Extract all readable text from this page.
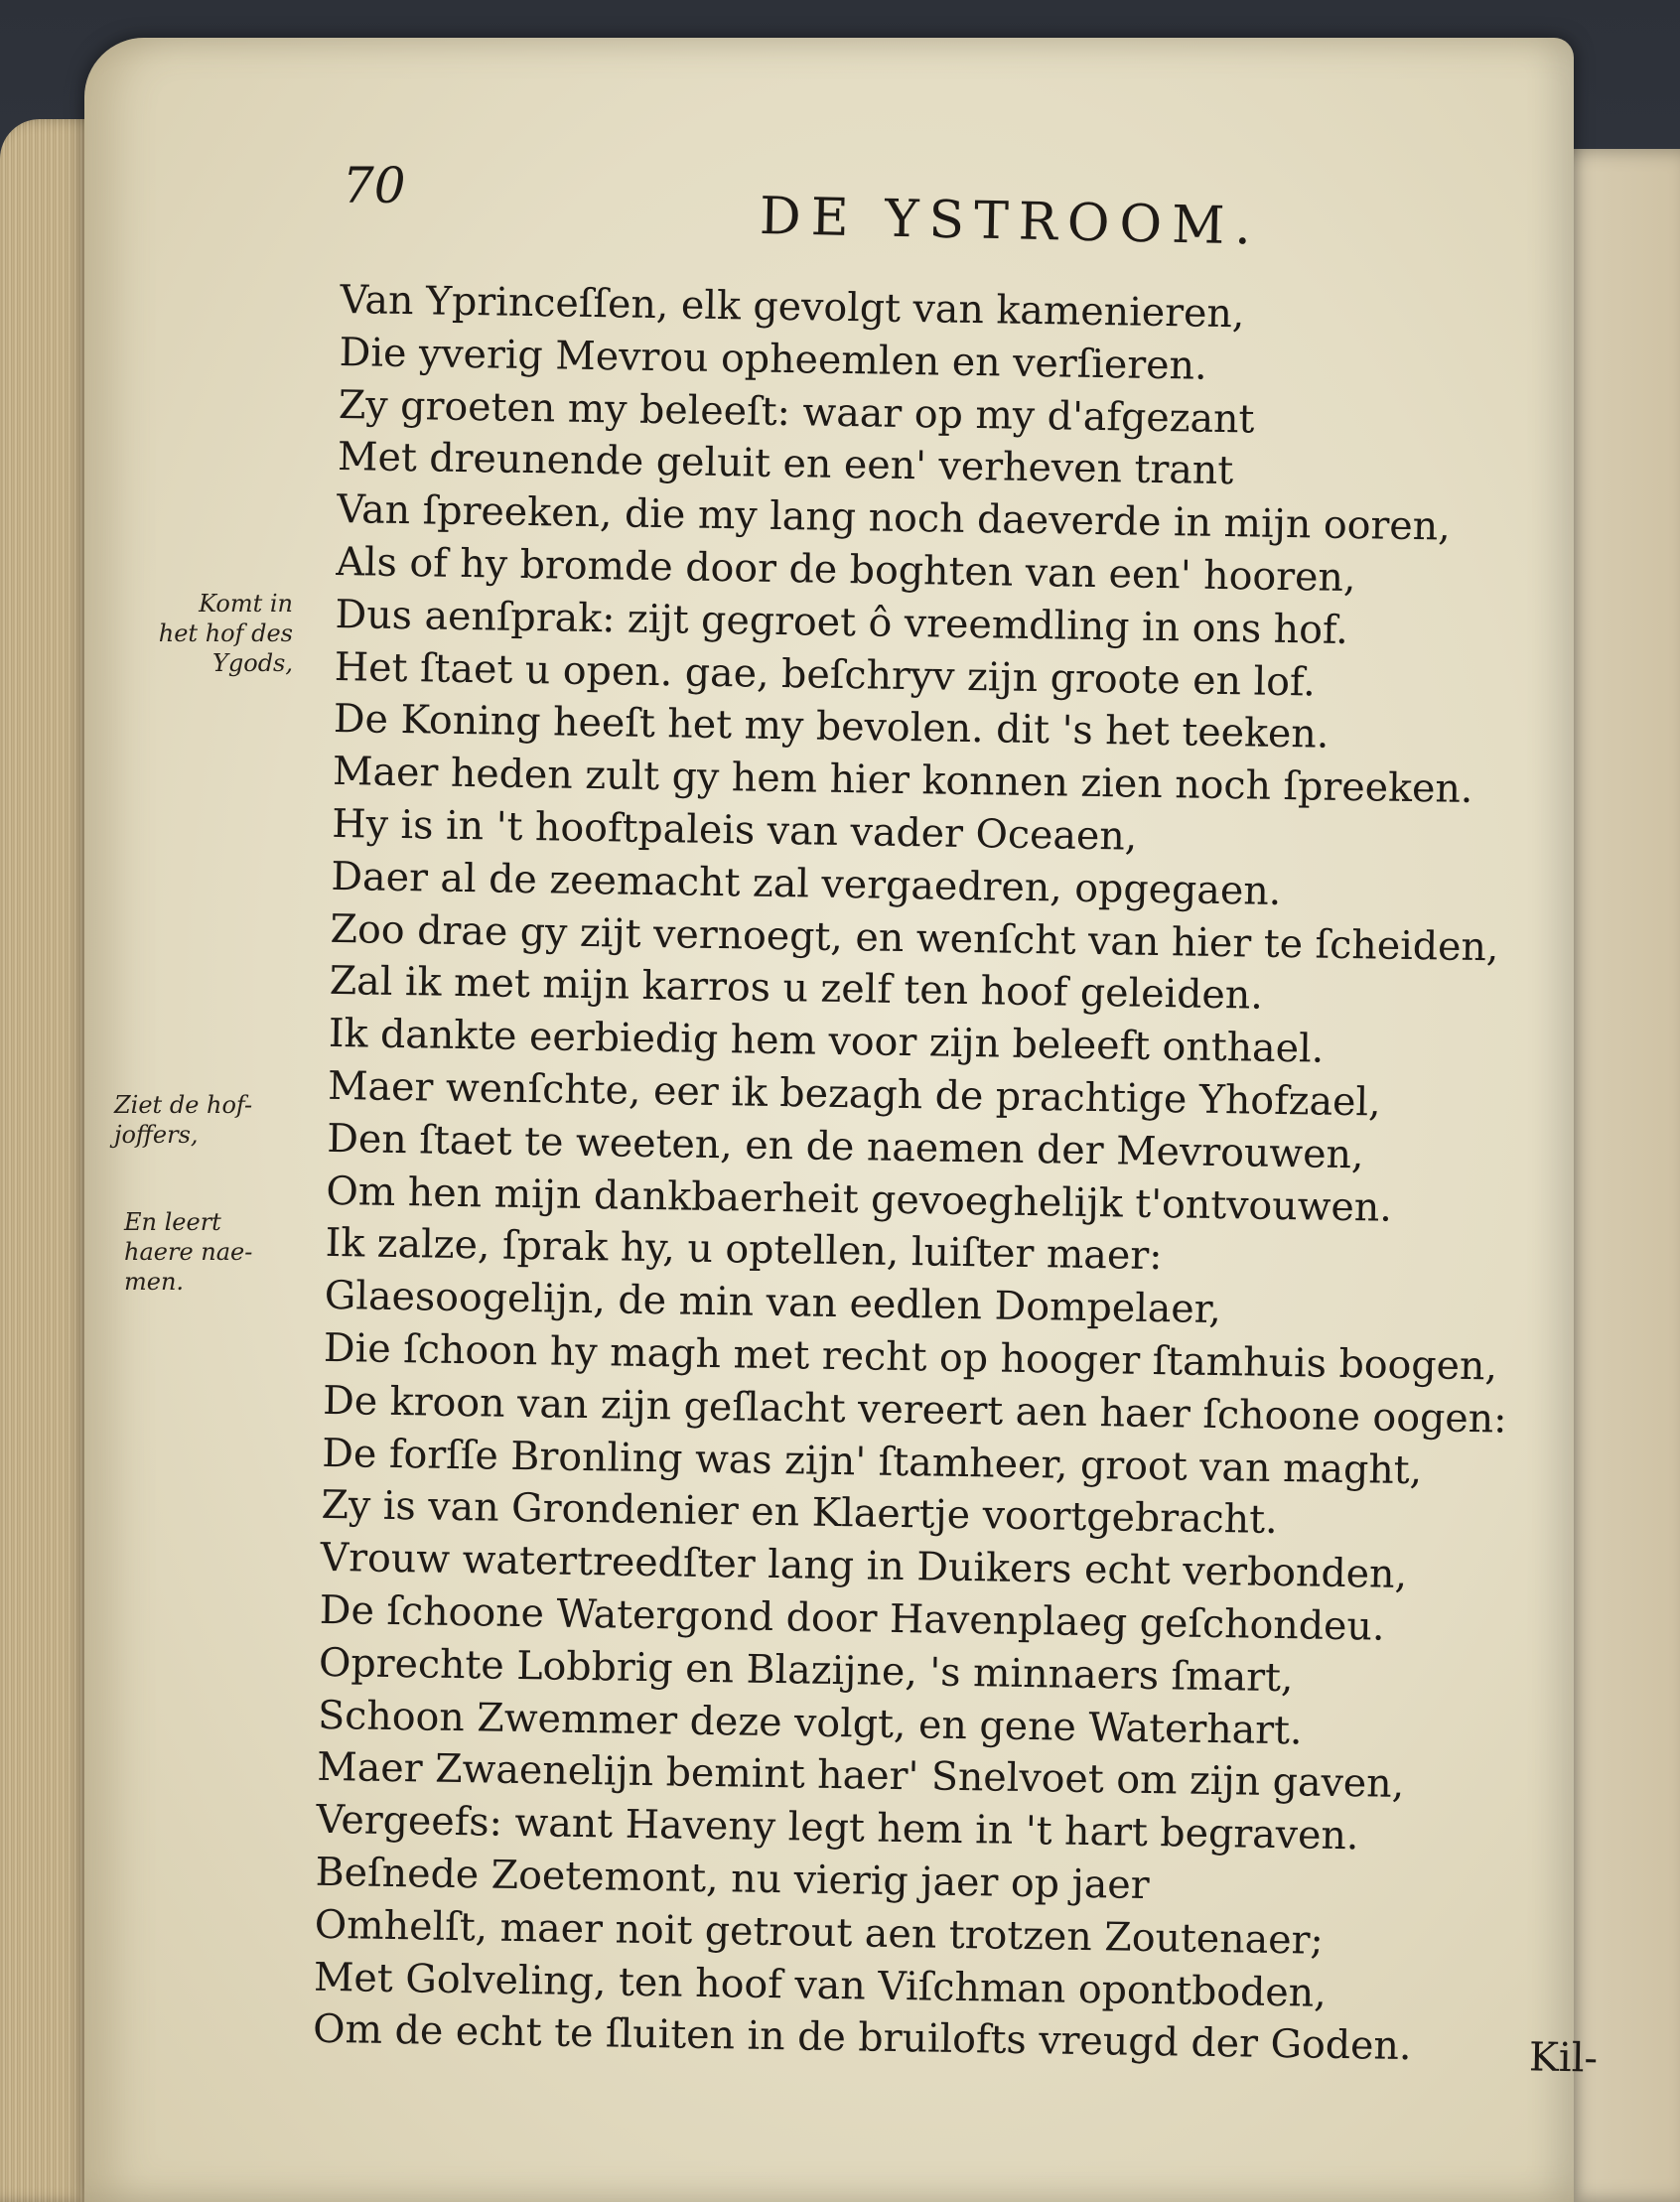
70
DE YSTROOM.
Van Yprinceſſen, elk gevolgt van kamenieren,
Die yverig Mevrou opheemlen en verſieren.
Zy groeten my beleeſt: waar op my d'afgezant
Met dreunende geluit en een' verheven trant
Van ſpreeken, die my lang noch daeverde in mijn ooren,
Als of hy bromde door de boghten van een' hooren,
Dus aenſprak: zijt gegroet ô vreemdling in ons hof.
Het ſtaet u open. gae, beſchryv zijn groote en lof.
De Koning heeſt het my bevolen. dit 's het teeken.
Maer heden zult gy hem hier konnen zien noch ſpreeken.
Hy is in 't hooftpaleis van vader Oceaen,
Daer al de zeemacht zal vergaedren, opgegaen.
Zoo drae gy zijt vernoegt, en wenſcht van hier te ſcheiden,
Zal ik met mijn karros u zelf ten hoof geleiden.
Ik dankte eerbiedig hem voor zijn beleeft onthael.
Maer wenſchte, eer ik bezagh de prachtige Yhofzael,
Den ſtaet te weeten, en de naemen der Mevrouwen,
Om hen mijn dankbaerheit gevoeghelijk t'ontvouwen.
Ik zalze, ſprak hy, u optellen, luiſter maer:
Glaesoogelijn, de min van eedlen Dompelaer,
Die ſchoon hy magh met recht op hooger ſtamhuis boogen,
De kroon van zijn geſlacht vereert aen haer ſchoone oogen:
De forſſe Bronling was zijn' ſtamheer, groot van maght,
Zy is van Grondenier en Klaertje voortgebracht.
Vrouw watertreedſter lang in Duikers echt verbonden,
De ſchoone Watergond door Havenplaeg geſchondeu.
Oprechte Lobbrig en Blazijne, 's minnaers ſmart,
Schoon Zwemmer deze volgt, en gene Waterhart.
Maer Zwaenelijn bemint haer' Snelvoet om zijn gaven,
Vergeefs: want Haveny legt hem in 't hart begraven.
Beſnede Zoetemont, nu vierig jaer op jaer
Omhelſt, maer noit getrout aen trotzen Zoutenaer;
Met Golveling, ten hoof van Viſchman opontboden,
Om de echt te ſluiten in de bruilofts vreugd der Goden.
Komt in
het hof des
Ygods,
Ziet de hof-
joffers,
En leert
haere nae-
men.
Kil-
